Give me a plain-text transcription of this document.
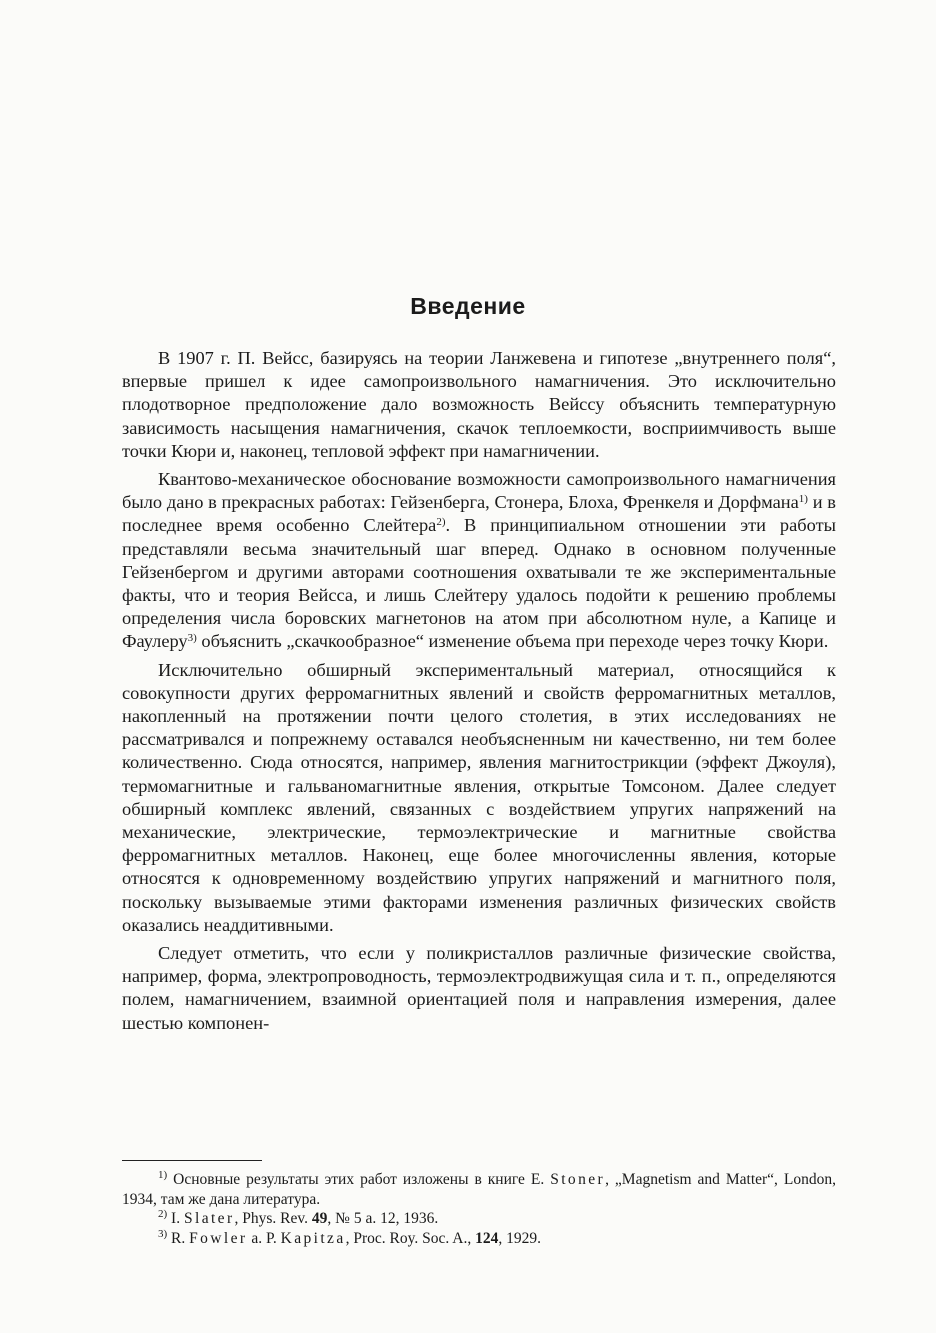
Введение

В 1907 г. П. Вейсс, базируясь на теории Ланжевена и гипотезе „внутреннего поля“, впервые пришел к идее самопроизвольного намагничения. Это исключительно плодотворное предположение дало возможность Вейссу объяснить температурную зависимость насыщения намагничения, скачок теплоемкости, восприимчивость выше точки Кюри и, наконец, тепловой эффект при намагничении.

Квантово-механическое обоснование возможности самопроизвольного намагничения было дано в прекрасных работах: Гейзенберга, Стонера, Блоха, Френкеля и Дорфмана$^{1)}$ и в последнее время особенно Слейтера$^{2)}$. В принципиальном отношении эти работы представляли весьма значительный шаг вперед. Однако в основном полученные Гейзенбергом и другими авторами соотношения охватывали те же экспериментальные факты, что и теория Вейсса, и лишь Слейтеру удалось подойти к решению проблемы определения числа боровских магнетонов на атом при абсолютном нуле, а Капице и Фаулеру$^{3)}$ объяснить „скачкообразное“ изменение объема при переходе через точку Кюри.

Исключительно обширный экспериментальный материал, относящийся к совокупности других ферромагнитных явлений и свойств ферромагнитных металлов, накопленный на протяжении почти целого столетия, в этих исследованиях не рассматривался и попрежнему оставался необъясненным ни качественно, ни тем более количественно. Сюда относятся, например, явления магнитострикции (эффект Джоуля), термомагнитные и гальваномагнитные явления, открытые Томсоном. Далее следует обширный комплекс явлений, связанных с воздействием упругих напряжений на механические, электрические, термоэлектрические и магнитные свойства ферромагнитных металлов. Наконец, еще более многочисленны явления, которые относятся к одновременному воздействию упругих напряжений и магнитного поля, поскольку вызываемые этими факторами изменения различных физических свойств оказались неаддитивными.

Следует отметить, что если у поликристаллов различные физические свойства, например, форма, электропроводность, термоэлектродвижущая сила и т. п., определяются полем, намагничением, взаимной ориентацией поля и направления измерения, далее шестью компонен-

$^{1)}$ Основные результаты этих работ изложены в книге E. Stoner, „Magnetism and Matter“, London, 1934, там же дана литература.

$^{2)}$ I. Slater, Phys. Rev. 49, № 5 a. 12, 1936.

$^{3)}$ R. Fowler a. P. Kapitza, Proc. Roy. Soc. A., 124, 1929.
